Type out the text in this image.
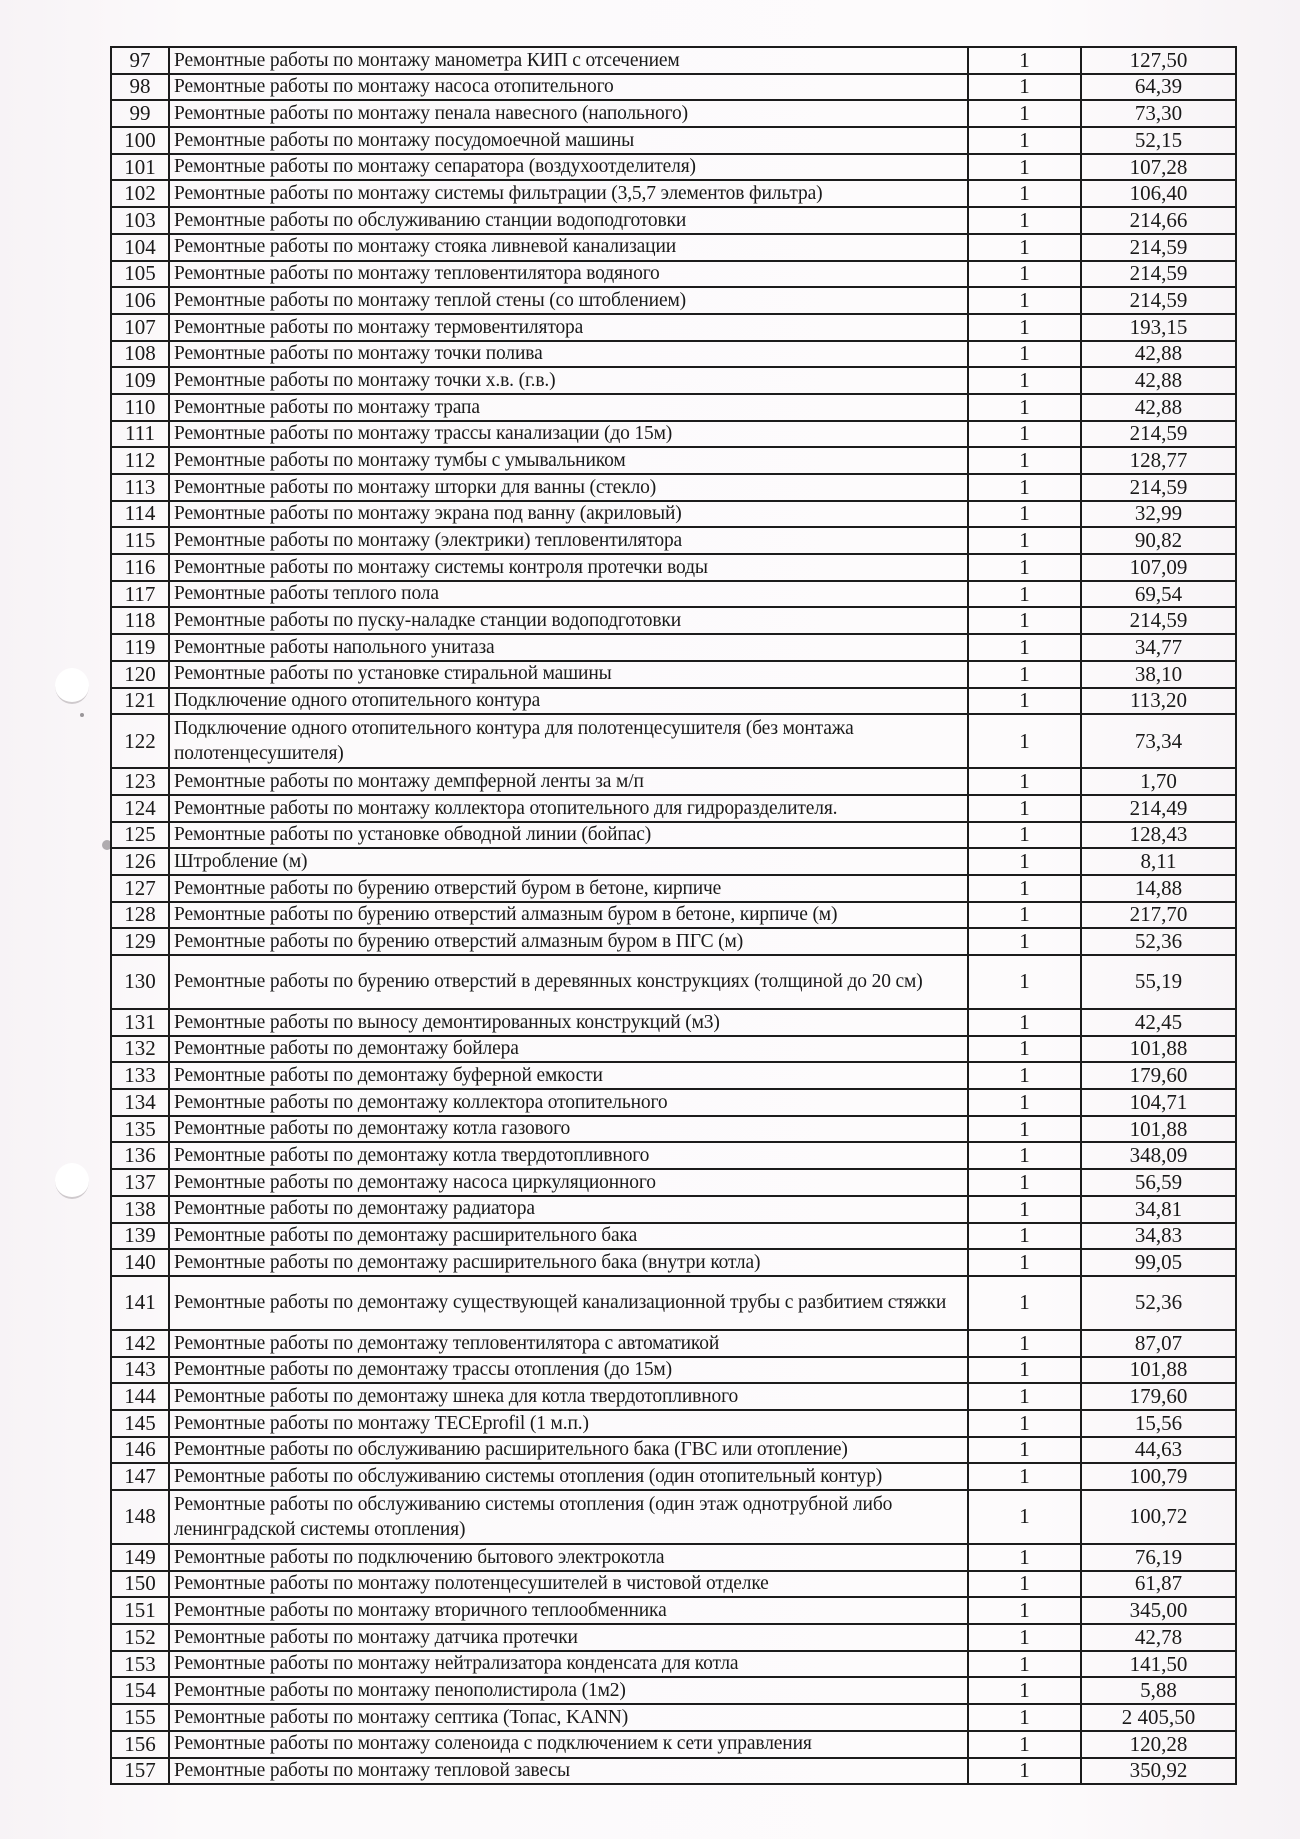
97	Ремонтные работы по монтажу манометра КИП с отсечением	1	127,50
98	Ремонтные работы по монтажу насоса отопительного	1	64,39
99	Ремонтные работы по монтажу пенала навесного (напольного)	1	73,30
100	Ремонтные работы по монтажу посудомоечной машины	1	52,15
101	Ремонтные работы по монтажу сепаратора (воздухоотделителя)	1	107,28
102	Ремонтные работы по монтажу системы фильтрации (3,5,7 элементов фильтра)	1	106,40
103	Ремонтные работы по обслуживанию станции водоподготовки	1	214,66
104	Ремонтные работы по монтажу стояка ливневой канализации	1	214,59
105	Ремонтные работы по монтажу тепловентилятора водяного	1	214,59
106	Ремонтные работы по монтажу теплой стены (со штоблением)	1	214,59
107	Ремонтные работы по монтажу термовентилятора	1	193,15
108	Ремонтные работы по монтажу точки полива	1	42,88
109	Ремонтные работы по монтажу точки х.в. (г.в.)	1	42,88
110	Ремонтные работы по монтажу трапа	1	42,88
111	Ремонтные работы по монтажу трассы канализации (до 15м)	1	214,59
112	Ремонтные работы по монтажу тумбы с умывальником	1	128,77
113	Ремонтные работы по монтажу шторки для ванны (стекло)	1	214,59
114	Ремонтные работы по монтажу экрана под ванну (акриловый)	1	32,99
115	Ремонтные работы по монтажу (электрики) тепловентилятора	1	90,82
116	Ремонтные работы по монтажу системы контроля протечки воды	1	107,09
117	Ремонтные работы теплого пола	1	69,54
118	Ремонтные работы по пуску-наладке станции водоподготовки	1	214,59
119	Ремонтные работы напольного унитаза	1	34,77
120	Ремонтные работы по установке стиральной машины	1	38,10
121	Подключение одного отопительного контура	1	113,20
122	Подключение одного отопительного контура для полотенцесушителя (без монтажа полотенцесушителя)	1	73,34
123	Ремонтные работы по монтажу демпферной ленты за м/п	1	1,70
124	Ремонтные работы по монтажу коллектора отопительного для гидроразделителя.	1	214,49
125	Ремонтные работы по установке обводной линии (бойпас)	1	128,43
126	Штробление (м)	1	8,11
127	Ремонтные работы по бурению отверстий буром в бетоне, кирпиче	1	14,88
128	Ремонтные работы по бурению отверстий алмазным буром в бетоне, кирпиче (м)	1	217,70
129	Ремонтные работы по бурению отверстий алмазным буром в ПГС (м)	1	52,36
130	Ремонтные работы по бурению отверстий в деревянных конструкциях (толщиной до 20 см)	1	55,19
131	Ремонтные работы по выносу демонтированных конструкций (м3)	1	42,45
132	Ремонтные работы по демонтажу бойлера	1	101,88
133	Ремонтные работы по демонтажу буферной емкости	1	179,60
134	Ремонтные работы по демонтажу коллектора отопительного	1	104,71
135	Ремонтные работы по демонтажу котла газового	1	101,88
136	Ремонтные работы по демонтажу котла твердотопливного	1	348,09
137	Ремонтные работы по демонтажу насоса циркуляционного	1	56,59
138	Ремонтные работы по демонтажу радиатора	1	34,81
139	Ремонтные работы по демонтажу расширительного бака	1	34,83
140	Ремонтные работы по демонтажу расширительного бака (внутри котла)	1	99,05
141	Ремонтные работы по демонтажу существующей канализационной трубы с разбитием стяжки	1	52,36
142	Ремонтные работы по демонтажу тепловентилятора с автоматикой	1	87,07
143	Ремонтные работы по демонтажу трассы отопления (до 15м)	1	101,88
144	Ремонтные работы по демонтажу шнека для котла твердотопливного	1	179,60
145	Ремонтные работы по монтажу TECEprofil (1 м.п.)	1	15,56
146	Ремонтные работы по обслуживанию расширительного бака (ГВС или отопление)	1	44,63
147	Ремонтные работы по обслуживанию системы отопления (один отопительный контур)	1	100,79
148	Ремонтные работы по обслуживанию системы отопления (один этаж однотрубной либо ленинградской системы отопления)	1	100,72
149	Ремонтные работы по подключению бытового электрокотла	1	76,19
150	Ремонтные работы по монтажу полотенцесушителей в чистовой отделке	1	61,87
151	Ремонтные работы по монтажу вторичного теплообменника	1	345,00
152	Ремонтные работы по монтажу датчика протечки	1	42,78
153	Ремонтные работы по монтажу нейтрализатора конденсата для котла	1	141,50
154	Ремонтные работы по монтажу пенополистирола (1м2)	1	5,88
155	Ремонтные работы по монтажу септика (Топас, KANN)	1	2 405,50
156	Ремонтные работы по монтажу соленоида с подключением к сети управления	1	120,28
157	Ремонтные работы по монтажу тепловой завесы	1	350,92
